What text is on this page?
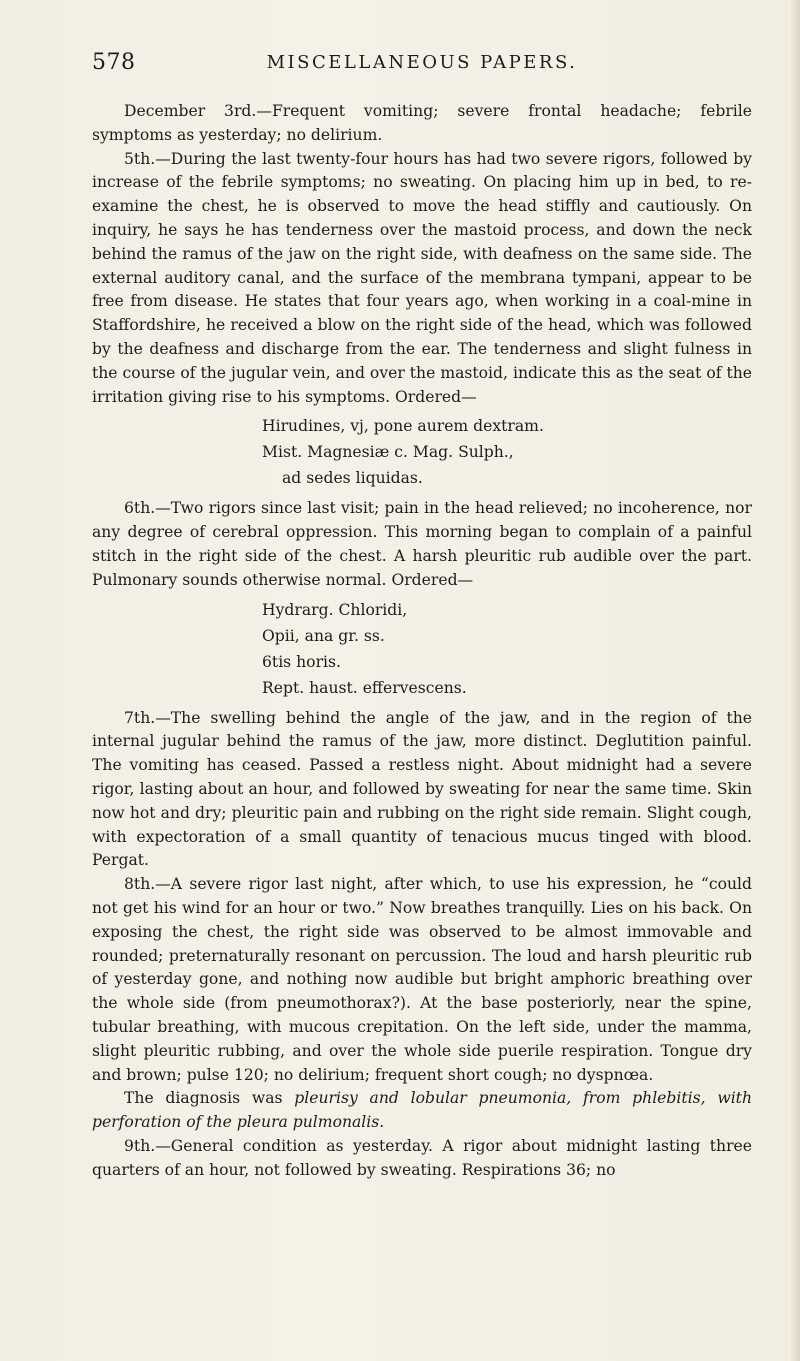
578	MISCELLANEOUS PAPERS.

December 3rd.—Frequent vomiting; severe frontal headache; febrile symptoms as yesterday; no delirium.

5th.—During the last twenty-four hours has had two severe rigors, followed by increase of the febrile symptoms; no sweating. On placing him up in bed, to re-examine the chest, he is observed to move the head stiffly and cautiously. On inquiry, he says he has tenderness over the mastoid process, and down the neck behind the ramus of the jaw on the right side, with deafness on the same side. The external auditory canal, and the surface of the membrana tympani, appear to be free from disease. He states that four years ago, when working in a coal-mine in Staffordshire, he received a blow on the right side of the head, which was followed by the deafness and discharge from the ear. The tenderness and slight fulness in the course of the jugular vein, and over the mastoid, indicate this as the seat of the irritation giving rise to his symptoms. Ordered—

Hirudines, vj, pone aurem dextram.
Mist. Magnesiæ c. Mag. Sulph.,
ad sedes liquidas.

6th.—Two rigors since last visit; pain in the head relieved; no incoherence, nor any degree of cerebral oppression. This morning began to complain of a painful stitch in the right side of the chest. A harsh pleuritic rub audible over the part. Pulmonary sounds otherwise normal. Ordered—

Hydrarg. Chloridi,
Opii, ana gr. ss.
6tis horis.
Rept. haust. effervescens.

7th.—The swelling behind the angle of the jaw, and in the region of the internal jugular behind the ramus of the jaw, more distinct. Deglutition painful. The vomiting has ceased. Passed a restless night. About midnight had a severe rigor, lasting about an hour, and followed by sweating for near the same time. Skin now hot and dry; pleuritic pain and rubbing on the right side remain. Slight cough, with expectoration of a small quantity of tenacious mucus tinged with blood. Pergat.

8th.—A severe rigor last night, after which, to use his expression, he “could not get his wind for an hour or two.” Now breathes tranquilly. Lies on his back. On exposing the chest, the right side was observed to be almost immovable and rounded; preternaturally resonant on percussion. The loud and harsh pleuritic rub of yesterday gone, and nothing now audible but bright amphoric breathing over the whole side (from pneumothorax?). At the base posteriorly, near the spine, tubular breathing, with mucous crepitation. On the left side, under the mamma, slight pleuritic rubbing, and over the whole side puerile respiration. Tongue dry and brown; pulse 120; no delirium; frequent short cough; no dyspnœa.

The diagnosis was pleurisy and lobular pneumonia, from phlebitis, with perforation of the pleura pulmonalis.

9th.—General condition as yesterday. A rigor about midnight lasting three quarters of an hour, not followed by sweating. Respirations 36; no
